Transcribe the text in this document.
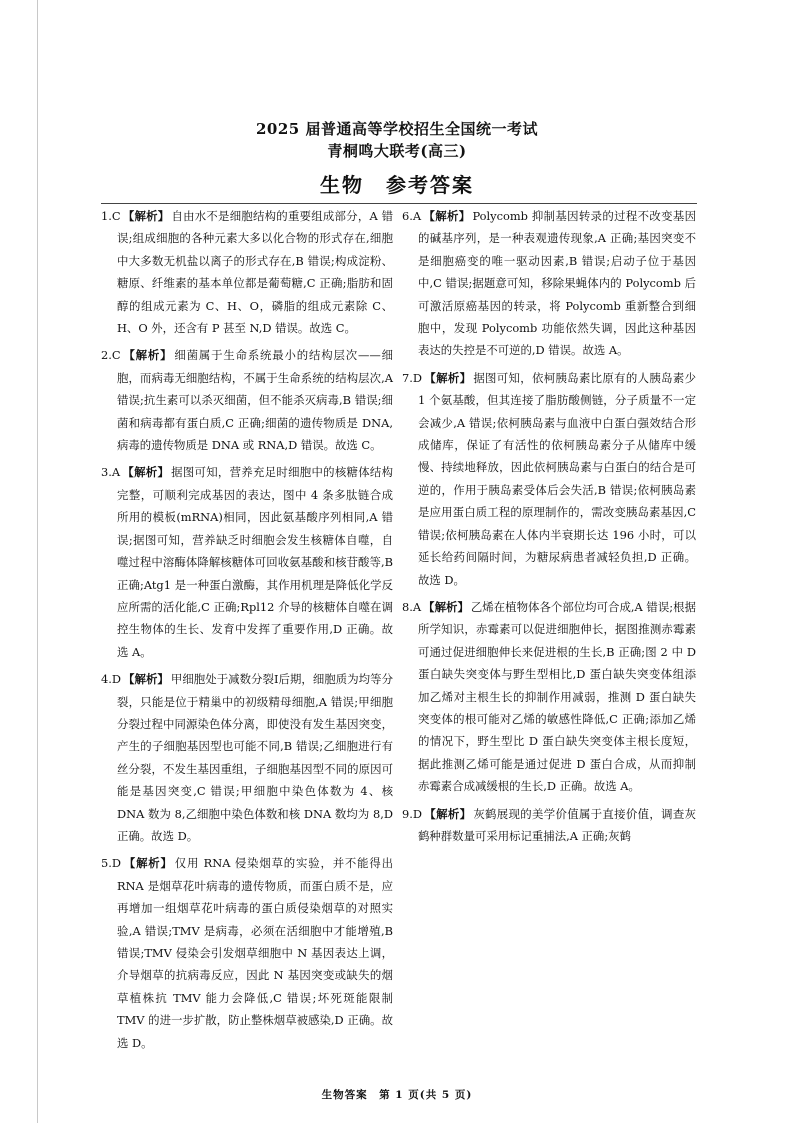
2025 届普通高等学校招生全国统一考试
青桐鸣大联考(高三)
生物 参考答案

1.C 【解析】 自由水不是细胞结构的重要组成部分，A 错误;组成细胞的各种元素大多以化合物的形式存在,细胞中大多数无机盐以离子的形式存在,B 错误;构成淀粉、糖原、纤维素的基本单位都是葡萄糖,C 正确;脂肪和固醇的组成元素为 C、H、O，磷脂的组成元素除 C、H、O 外，还含有 P 甚至 N,D 错误。故选 C。

2.C 【解析】 细菌属于生命系统最小的结构层次——细胞，而病毒无细胞结构，不属于生命系统的结构层次,A 错误;抗生素可以杀灭细菌，但不能杀灭病毒,B 错误;细菌和病毒都有蛋白质,C 正确;细菌的遗传物质是 DNA,病毒的遗传物质是 DNA 或 RNA,D 错误。故选 C。

3.A 【解析】 据图可知，营养充足时细胞中的核糖体结构完整，可顺利完成基因的表达，图中 4 条多肽链合成所用的模板(mRNA)相同，因此氨基酸序列相同,A 错误;据图可知，营养缺乏时细胞会发生核糖体自噬，自噬过程中溶酶体降解核糖体可回收氨基酸和核苷酸等,B 正确;Atg1 是一种蛋白激酶，其作用机理是降低化学反应所需的活化能,C 正确;Rpl12 介导的核糖体自噬在调控生物体的生长、发育中发挥了重要作用,D 正确。故选 A。

4.D 【解析】 甲细胞处于减数分裂Ⅰ后期，细胞质为均等分裂，只能是位于精巢中的初级精母细胞,A 错误;甲细胞分裂过程中同源染色体分离，即使没有发生基因突变，产生的子细胞基因型也可能不同,B 错误;乙细胞进行有丝分裂，不发生基因重组，子细胞基因型不同的原因可能是基因突变,C 错误;甲细胞中染色体数为 4、核 DNA 数为 8,乙细胞中染色体数和核 DNA 数均为 8,D 正确。故选 D。

5.D 【解析】 仅用 RNA 侵染烟草的实验，并不能得出 RNA 是烟草花叶病毒的遗传物质，而蛋白质不是，应再增加一组烟草花叶病毒的蛋白质侵染烟草的对照实验,A 错误;TMV 是病毒，必须在活细胞中才能增殖,B 错误;TMV 侵染会引发烟草细胞中 N 基因表达上调，介导烟草的抗病毒反应，因此 N 基因突变或缺失的烟草植株抗 TMV 能力会降低,C 错误;坏死斑能限制 TMV 的进一步扩散，防止整株烟草被感染,D 正确。故选 D。

6.A 【解析】 Polycomb 抑制基因转录的过程不改变基因的碱基序列，是一种表观遗传现象,A 正确;基因突变不是细胞癌变的唯一驱动因素,B 错误;启动子位于基因中,C 错误;据题意可知，移除果蝇体内的 Polycomb 后可激活原癌基因的转录，将 Polycomb 重新整合到细胞中，发现 Polycomb 功能依然失调，因此这种基因表达的失控是不可逆的,D 错误。故选 A。

7.D 【解析】 据图可知，依柯胰岛素比原有的人胰岛素少 1 个氨基酸，但其连接了脂肪酸侧链，分子质量不一定会减少,A 错误;依柯胰岛素与血液中白蛋白强效结合形成储库，保证了有活性的依柯胰岛素分子从储库中缓慢、持续地释放，因此依柯胰岛素与白蛋白的结合是可逆的，作用于胰岛素受体后会失活,B 错误;依柯胰岛素是应用蛋白质工程的原理制作的，需改变胰岛素基因,C 错误;依柯胰岛素在人体内半衰期长达 196 小时，可以延长给药间隔时间，为糖尿病患者减轻负担,D 正确。故选 D。

8.A 【解析】 乙烯在植物体各个部位均可合成,A 错误;根据所学知识，赤霉素可以促进细胞伸长，据图推测赤霉素可通过促进细胞伸长来促进根的生长,B 正确;图 2 中 D 蛋白缺失突变体与野生型相比,D 蛋白缺失突变体组添加乙烯对主根生长的抑制作用减弱，推测 D 蛋白缺失突变体的根可能对乙烯的敏感性降低,C 正确;添加乙烯的情况下，野生型比 D 蛋白缺失突变体主根长度短，据此推测乙烯可能是通过促进 D 蛋白合成，从而抑制赤霉素合成减缓根的生长,D 正确。故选 A。

9.D 【解析】 灰鹤展现的美学价值属于直接价值，调查灰鹤种群数量可采用标记重捕法,A 正确;灰鹤

生物答案　第 1 页(共 5 页)
